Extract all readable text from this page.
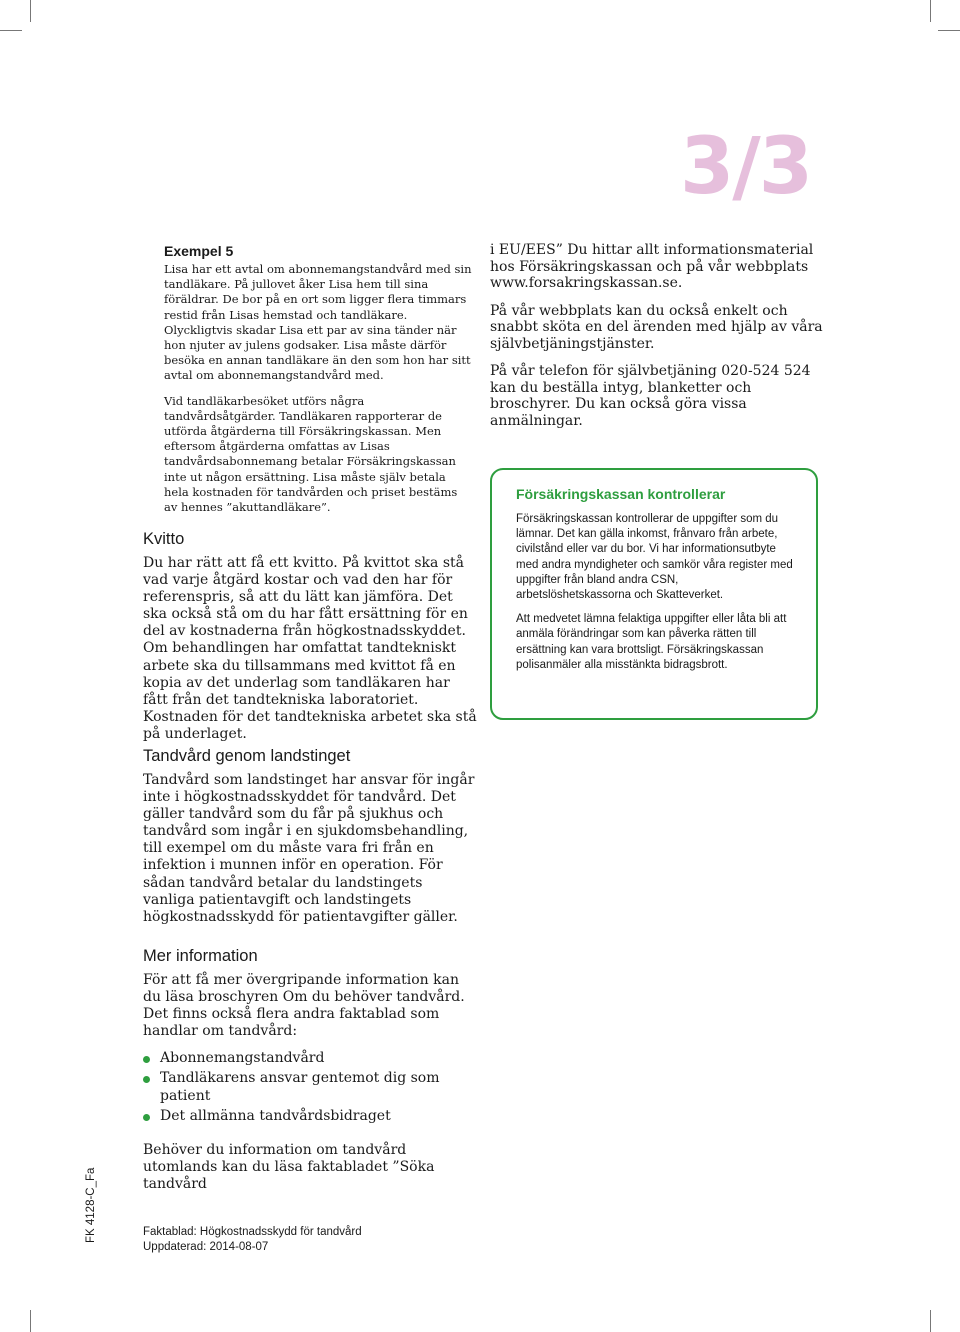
3/3
Exempel 5

Lisa har ett avtal om abonnemangstandvård med sin tandläkare. På jullovet åker Lisa hem till sina föräldrar. De bor på en ort som ligger flera timmars restid från Lisas hemstad och tandläkare. Olyckligtvis skadar Lisa ett par av sina tänder när hon njuter av julens godsaker. Lisa måste därför besöka en annan tandläkare än den som hon har sitt avtal om abonnemangstandvård med.

Vid tandläkarbesöket utförs några tandvårdsåtgärder. Tandläkaren rapporterar de utförda åtgärderna till Försäkringskassan. Men eftersom åtgärderna omfattas av Lisas tandvårdsabonnemang betalar Försäkringskassan inte ut någon ersättning. Lisa måste själv betala hela kostnaden för tandvården och priset bestäms av hennes ”akuttandläkare”.

Kvitto

Du har rätt att få ett kvitto. På kvittot ska stå vad varje åtgärd kostar och vad den har för referenspris, så att du lätt kan jämföra. Det ska också stå om du har fått ersättning för en del av kostnaderna från högkostnadsskyddet. Om behandlingen har omfattat tandtekniskt arbete ska du tillsammans med kvittot få en kopia av det underlag som tandläkaren har fått från det tandtekniska laboratoriet. Kostnaden för det tandtekniska arbetet ska stå på underlaget.

Tandvård genom landstinget

Tandvård som landstinget har ansvar för ingår inte i högkostnadsskyddet för tandvård. Det gäller tandvård som du får på sjukhus och tandvård som ingår i en sjukdomsbehandling, till exempel om du måste vara fri från en infektion i munnen inför en operation. För sådan tandvård betalar du landstingets vanliga patientavgift och landstingets högkostnadsskydd för patientavgifter gäller.

Mer information

För att få mer övergripande information kan du läsa broschyren Om du behöver tandvård. Det finns också flera andra faktablad som handlar om tandvård:

Abonnemangstandvård
Tandläkarens ansvar gentemot dig som patient
Det allmänna tandvårdsbidraget

Behöver du information om tandvård utomlands kan du läsa faktabladet ”Söka tandvård

i EU/EES” Du hittar allt informationsmaterial hos Försäkringskassan och på vår webbplats www.forsakringskassan.se.

På vår webbplats kan du också enkelt och snabbt sköta en del ärenden med hjälp av våra självbetjäningstjänster.

På vår telefon för självbetjäning 020-524 524 kan du beställa intyg, blanketter och broschyrer. Du kan också göra vissa anmälningar.

Försäkringskassan kontrollerar

Försäkringskassan kontrollerar de uppgifter som du lämnar. Det kan gälla inkomst, frånvaro från arbete, civilstånd eller var du bor. Vi har informationsutbyte med andra myndigheter och samkör våra register med uppgifter från bland andra CSN, arbetslöshetskassorna och Skatteverket.

Att medvetet lämna felaktiga uppgifter eller låta bli att anmäla förändringar som kan påverka rätten till ersättning kan vara brottsligt. Försäkringskassan polisanmäler alla misstänkta bidragsbrott.

Faktablad: Högkostnadsskydd för tandvård
Uppdaterad: 2014-08-07
FK 4128-C_Fa
